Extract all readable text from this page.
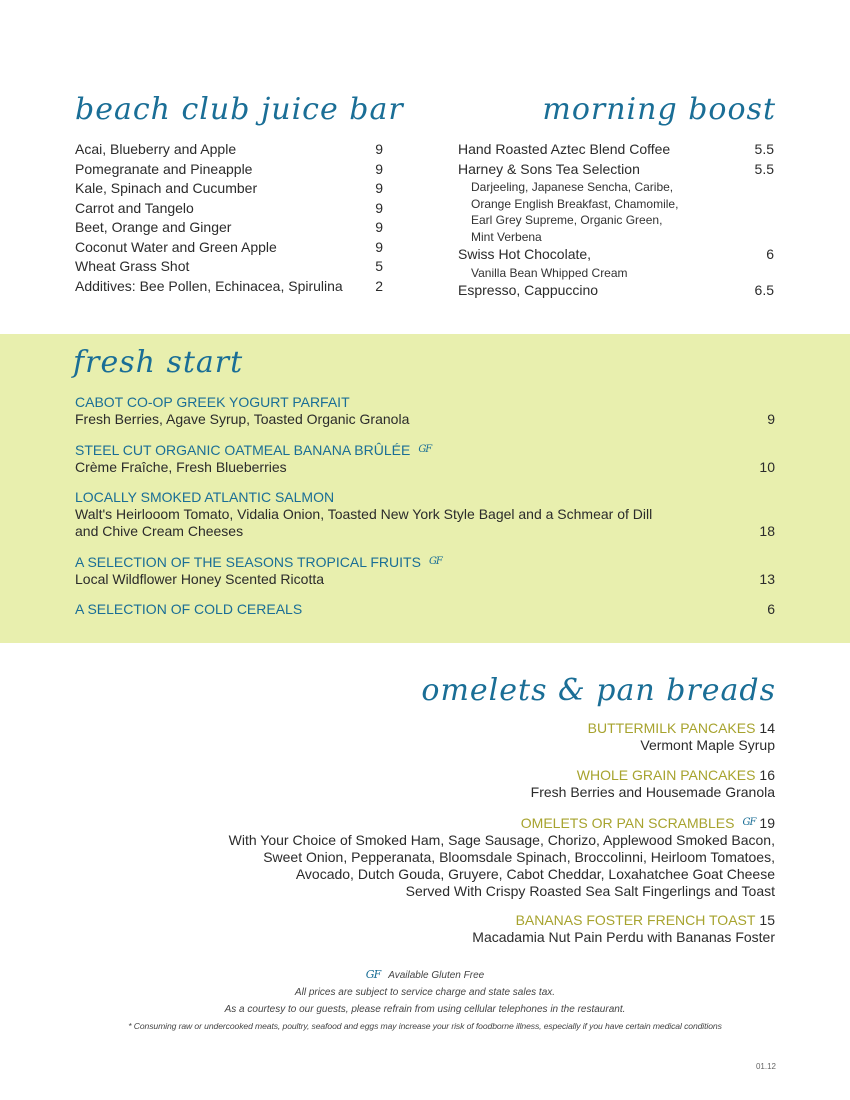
beach club juice bar
Acai, Blueberry and Apple	9
Pomegranate and Pineapple	9
Kale, Spinach and Cucumber	9
Carrot and Tangelo	9
Beet, Orange and Ginger	9
Coconut Water and Green Apple	9
Wheat Grass Shot	5
Additives: Bee Pollen, Echinacea, Spirulina 2
morning boost
Hand Roasted Aztec Blend Coffee	5.5
Harney & Sons Tea Selection	5.5
Darjeeling, Japanese Sencha, Caribe,
Orange English Breakfast, Chamomile,
Earl Grey Supreme, Organic Green,
Mint Verbena
Swiss Hot Chocolate,	6
Vanilla Bean Whipped Cream
Espresso, Cappuccino	6.5
fresh start
CABOT CO-OP GREEK YOGURT PARFAIT
Fresh Berries, Agave Syrup, Toasted Organic Granola	9
STEEL CUT ORGANIC OATMEAL BANANA BRÛLÉE $^{GF}$
Crème Fraîche, Fresh Blueberries	10
LOCALLY SMOKED ATLANTIC SALMON
Walt's Heirlooom Tomato, Vidalia Onion, Toasted New York Style Bagel and a Schmear of Dill and Chive Cream Cheeses	18
A SELECTION OF THE SEASONS TROPICAL FRUITS $^{GF}$
Local Wildflower Honey Scented Ricotta	13
A SELECTION OF COLD CEREALS	6
omelets & pan breads
BUTTERMILK PANCAKES 14
Vermont Maple Syrup
WHOLE GRAIN PANCAKES 16
Fresh Berries and Housemade Granola
OMELETS OR PAN SCRAMBLES $^{GF}$ 19
With Your Choice of Smoked Ham, Sage Sausage, Chorizo, Applewood Smoked Bacon,
Sweet Onion, Pepperanata, Bloomsdale Spinach, Broccolinni, Heirloom Tomatoes,
Avocado, Dutch Gouda, Gruyere, Cabot Cheddar, Loxahatchee Goat Cheese
Served With Crispy Roasted Sea Salt Fingerlings and Toast
BANANAS FOSTER FRENCH TOAST 15
Macadamia Nut Pain Perdu with Bananas Foster
GF Available Gluten Free
All prices are subject to service charge and state sales tax.
As a courtesy to our guests, please refrain from using cellular telephones in the restaurant.
* Consuming raw or undercooked meats, poultry, seafood and eggs may increase your risk of foodborne illness, especially if you have certain medical conditions
01.12
